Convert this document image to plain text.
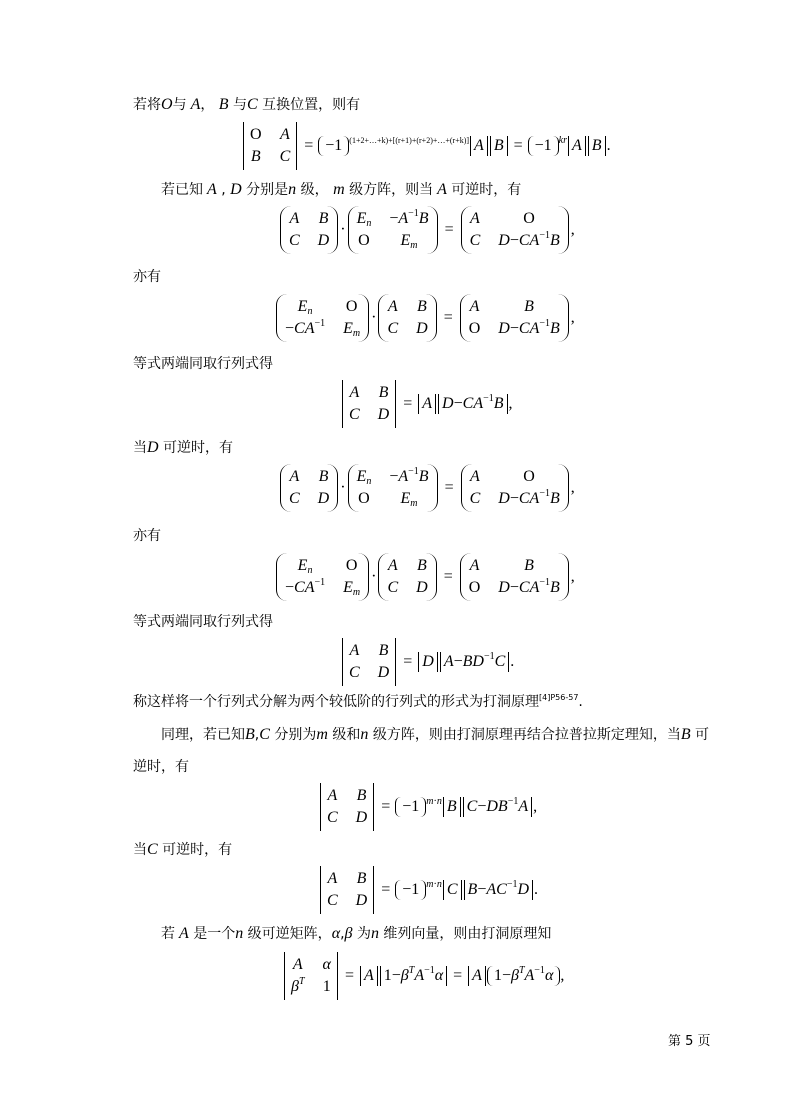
若将O与 A， B 与C 互换位置，则有
O A
B C
= −1 $^{(1+2+\dots+k)+[(r+1)+(r+2)+\dots+(r+k)]}$ A B = −1 $^{kr}$ A B .
若已知 A , D 分别是n 级， m 级方阵，则当 A 可逆时，有
A B
C D
·
$E_n -A^{-1}B$
O	$E_m$
=
A	O
C $D-CA^{-1}B$
,
亦有
$E_n$	O
$-CA^{-1}$ $E_m$
·
A B
C D
=
A	B
O $D-CA^{-1}B$
,
等式两端同取行列式得
A B
C D
= A $D-CA^{-1}B$ ,
当D 可逆时，有
A B
C D
·
$E_n -A^{-1}B$
O	$E_m$
=
A	O
C $D-CA^{-1}B$
,
亦有
$E_n$	O
$-CA^{-1}$ $E_m$
·
A B
C D
=
A	B
O $D-CA^{-1}B$
,
等式两端同取行列式得
A B
C D
= D $A-BD^{-1}C$ .
称这样将一个行列式分解为两个较低阶的行列式的形式为打洞原理$^{[4]P56-57}$.
同理，若已知B,C 分别为m 级和n 级方阵，则由打洞原理再结合拉普拉斯定理知，当B 可
逆时，有
A B
C D
= −1 $^{m\cdot n}$ B $C-DB^{-1}A$ ,
当C 可逆时，有
A B
C D
= −1 $^{m\cdot n}$ C $B-AC^{-1}D$ .
若 A 是一个n 级可逆矩阵，α,β 为n 维列向量，则由打洞原理知
A α
$\beta^T$ 1
= A $1-\beta^TA^{-1}\alpha = A$ $1-\beta^TA^{-1}\alpha$ ,
第 5 页
